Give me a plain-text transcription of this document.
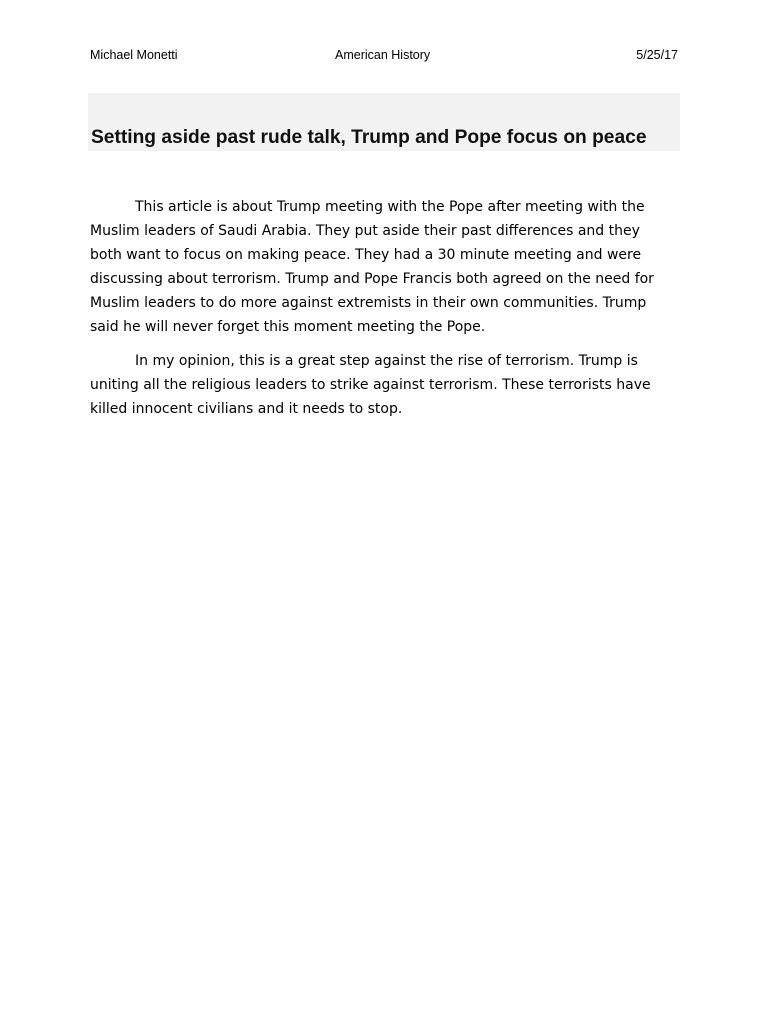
Michael Monetti	American History	5/25/17
Setting aside past rude talk, Trump and Pope focus on peace
This article is about Trump meeting with the Pope after meeting with the
Muslim leaders of Saudi Arabia. They put aside their past differences and they
both want to focus on making peace. They had a 30 minute meeting and were
discussing about terrorism. Trump and Pope Francis both agreed on the need for
Muslim leaders to do more against extremists in their own communities. Trump
said he will never forget this moment meeting the Pope.
In my opinion, this is a great step against the rise of terrorism. Trump is
uniting all the religious leaders to strike against terrorism. These terrorists have
killed innocent civilians and it needs to stop.
